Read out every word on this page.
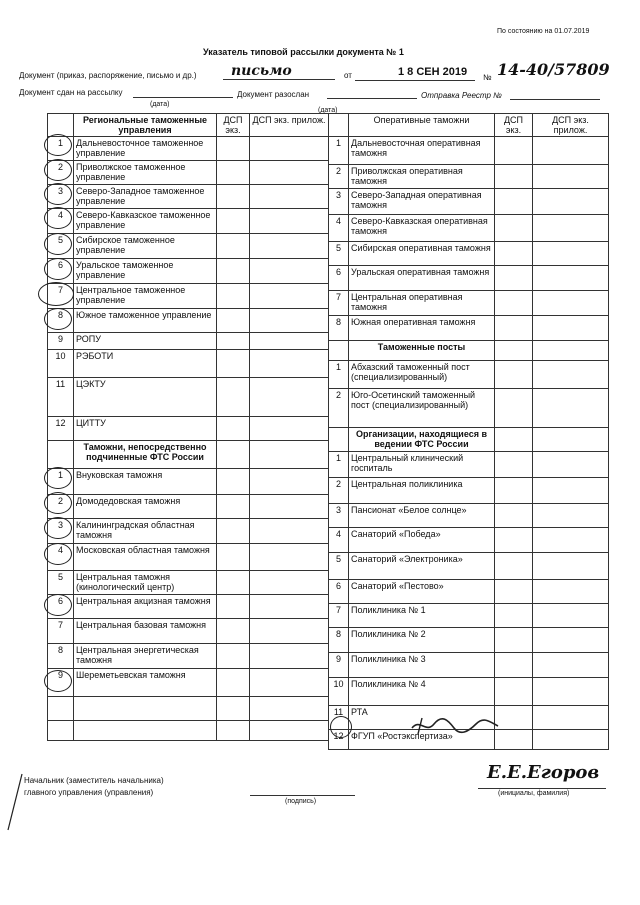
По состоянию на 01.07.2019
Указатель типовой рассылки документа № 1
Документ (приказ, распоряжение, письмо и др.) письмо	от	1 8 СЕН 2019 № 14-40/57809
Документ сдан на рассылку	Документ разослан	Отправка Реестр №
(дата)
(дата)
	Региональные таможенные управления	ДСП экз.	ДСП экз. прилож.
1	Дальневосточное таможенное управление		
2	Приволжское таможенное управление		
3	Северо-Западное таможенное управление		
4	Северо-Кавказское таможенное управление		
5	Сибирское таможенное управление		
6	Уральское таможенное управление		
7	Центральное таможенное управление		
8	Южное таможенное управление		
9	РОПУ		
10	РЭБОТИ		
11	ЦЭКТУ		
12	ЦИТТУ		
	Таможни, непосредственно подчиненные ФТС России		
1	Внуковская таможня		
2	Домодедовская таможня		
3	Калининградская областная таможня		
4	Московская областная таможня		
5	Центральная таможня (кинологический центр)		
6	Центральная акцизная таможня		
7	Центральная базовая таможня		
8	Центральная энергетическая таможня		
9	Шереметьевская таможня		

	Оперативные таможни	ДСП экз.	ДСП экз. прилож.
1	Дальневосточная оперативная таможня		
2	Приволжская оперативная таможня		
3	Северо-Западная оперативная таможня		
4	Северо-Кавказская оперативная таможня		
5	Сибирская оперативная таможня		
6	Уральская оперативная таможня		
7	Центральная оперативная таможня		
8	Южная оперативная таможня		
	Таможенные посты		
1	Абхазский таможенный пост (специализированный)		
2	Юго-Осетинский таможенный пост (специализированный)		
	Организации, находящиеся в ведении ФТС России		
1	Центральный клинический госпиталь		
2	Центральная поликлиника		
3	Пансионат «Белое солнце»		
4	Санаторий «Победа»		
5	Санаторий «Электроника»		
6	Санаторий «Пестово»		
7	Поликлиника № 1		
8	Поликлиника № 2		
9	Поликлиника № 3		
10	Поликлиника № 4		
11	РТА		
12	ФГУП «Ростэкспертиза»		
Начальник (заместитель начальника)
главного управления (управления)
(подпись)
Е.Е.Егоров
(инициалы, фамилия)
